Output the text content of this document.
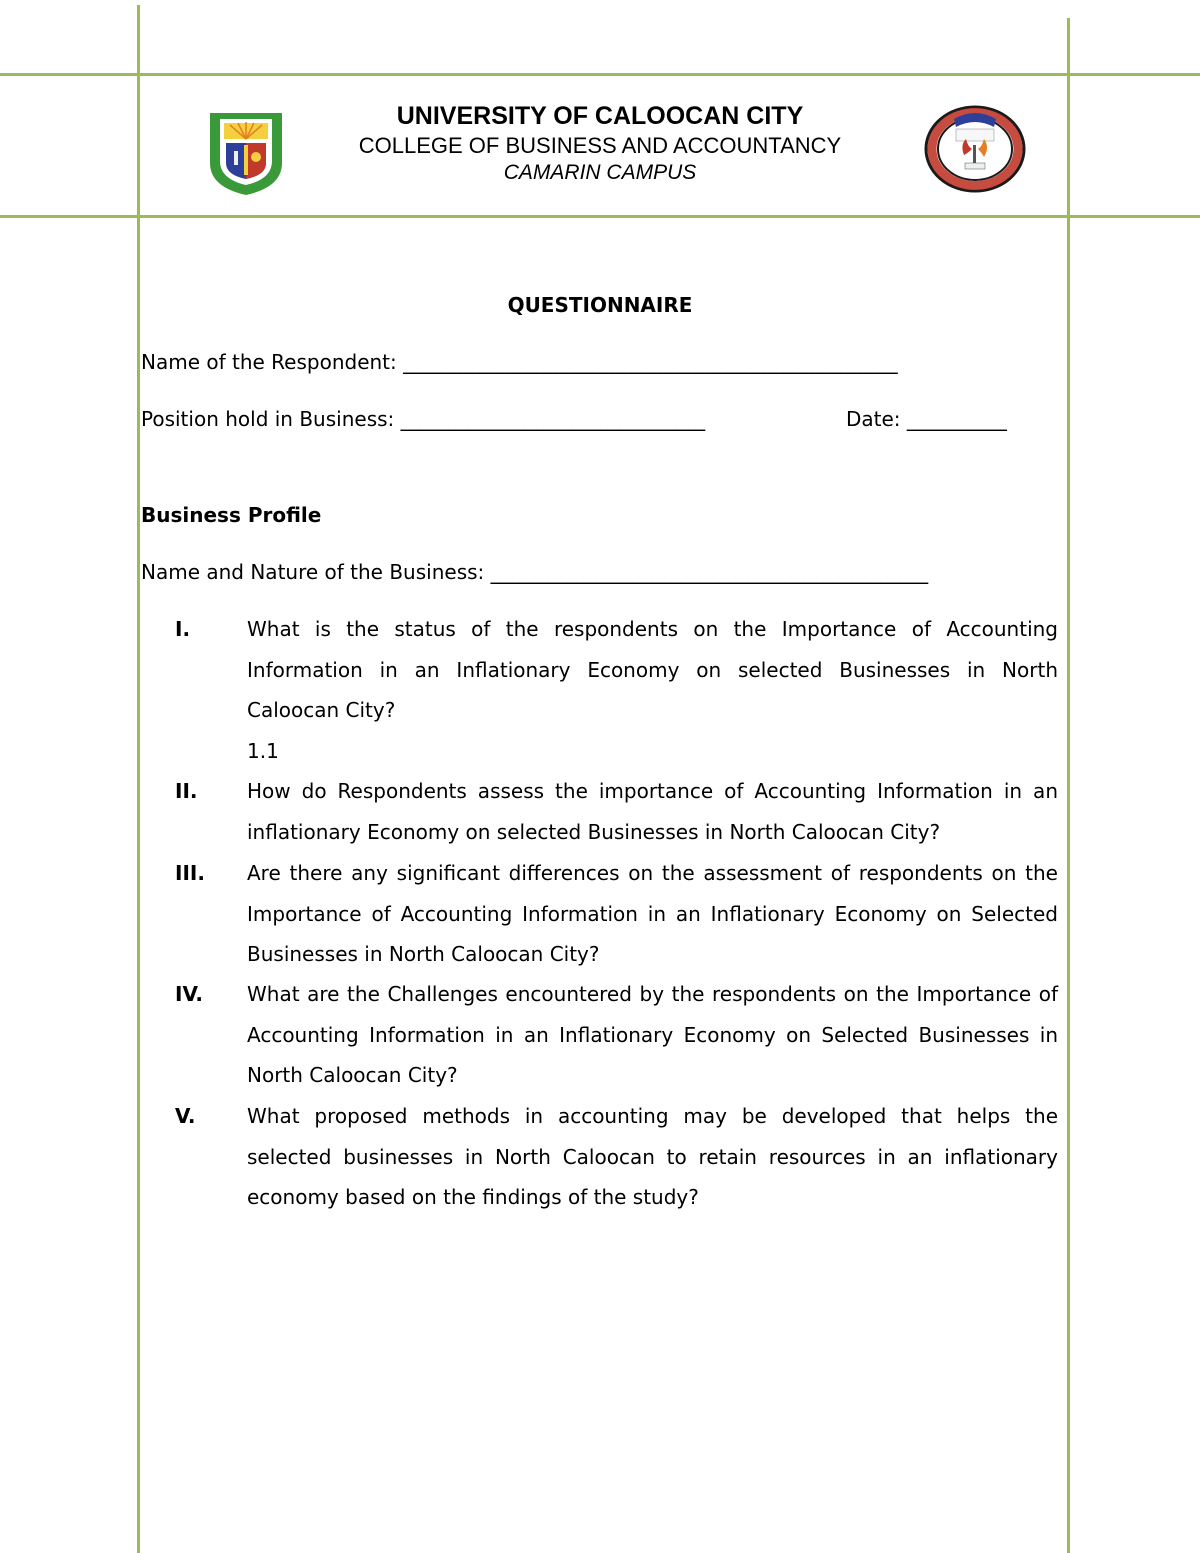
UNIVERSITY OF CALOOCAN CITY
COLLEGE OF BUSINESS AND ACCOUNTANCY
CAMARIN CAMPUS
QUESTIONNAIRE
Name of the Respondent: ____________________________________________________
Position hold in Business: ________________________________	Date: __________
Business Profile
Name and Nature of the Business: ______________________________________________
I.	What is the status of the respondents on the Importance of Accounting Information in an Inflationary Economy on selected Businesses in North Caloocan City?
1.1
II. How do Respondents assess the importance of Accounting Information in an inflationary Economy on selected Businesses in North Caloocan City?
III. Are there any significant differences on the assessment of respondents on the Importance of Accounting Information in an Inflationary Economy on Selected Businesses in North Caloocan City?
IV. What are the Challenges encountered by the respondents on the Importance of Accounting Information in an Inflationary Economy on Selected Businesses in North Caloocan City?
V.	What proposed methods in accounting may be developed that helps the selected businesses in North Caloocan to retain resources in an inflationary economy based on the findings of the study?
